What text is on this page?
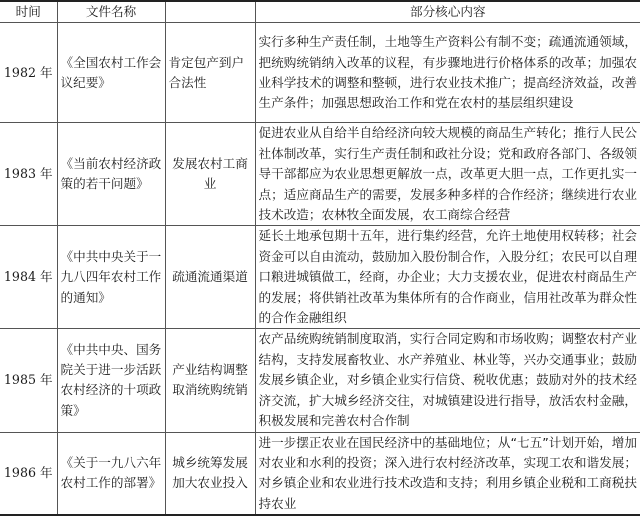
时间	文件名称		部分核心内容
1982 年	《全国农村工作会议纪要》	肯定包产到户合法性	实行多种生产责任制，土地等生产资料公有制不变；疏通流通领域，把统购统销纳入改革的议程，有步骤地进行价格体系的改革；加强农业科学技术的调整和整顿，进行农业技术推广；提高经济效益，改善生产条件；加强思想政治工作和党在农村的基层组织建设
1983 年	《当前农村经济政策的若干问题》	发展农村工商业	促进农业从自给半自给经济向较大规模的商品生产转化；推行人民公社体制改革，实行生产责任制和政社分设；党和政府各部门、各级领导干部都应为农业思想更解放一点，改革更大胆一点，工作更扎实一点；适应商品生产的需要，发展多种多样的合作经济；继续进行农业技术改造；农林牧全面发展，农工商综合经营
1984 年	《中共中央关于一九八四年农村工作的通知》	疏通流通渠道	延长土地承包期十五年，进行集约经营，允许土地使用权转移；社会资金可以自由流动，鼓励加入股份制合作，入股分红；农民可以自理口粮进城镇做工，经商，办企业；大力支援农业，促进农村商品生产的发展；将供销社改革为集体所有的合作商业，信用社改革为群众性的合作金融组织
1985 年	《中共中央、国务院关于进一步活跃农村经济的十项政策》	产业结构调整取消统购统销	农产品统购统销制度取消，实行合同定购和市场收购；调整农村产业结构，支持发展畜牧业、水产养殖业、林业等，兴办交通事业；鼓励发展乡镇企业，对乡镇企业实行信贷、税收优惠；鼓励对外的技术经济交流，扩大城乡经济交往，对城镇建设进行指导，放活农村金融，积极发展和完善农村合作制
1986 年	《关于一九八六年农村工作的部署》	城乡统筹发展加大农业投入	进一步摆正农业在国民经济中的基础地位；从“七五”计划开始，增加对农业和水利的投资；深入进行农村经济改革，实现工农和谐发展；对乡镇企业和农业进行技术改造和支持；利用乡镇企业税和工商税扶持农业
